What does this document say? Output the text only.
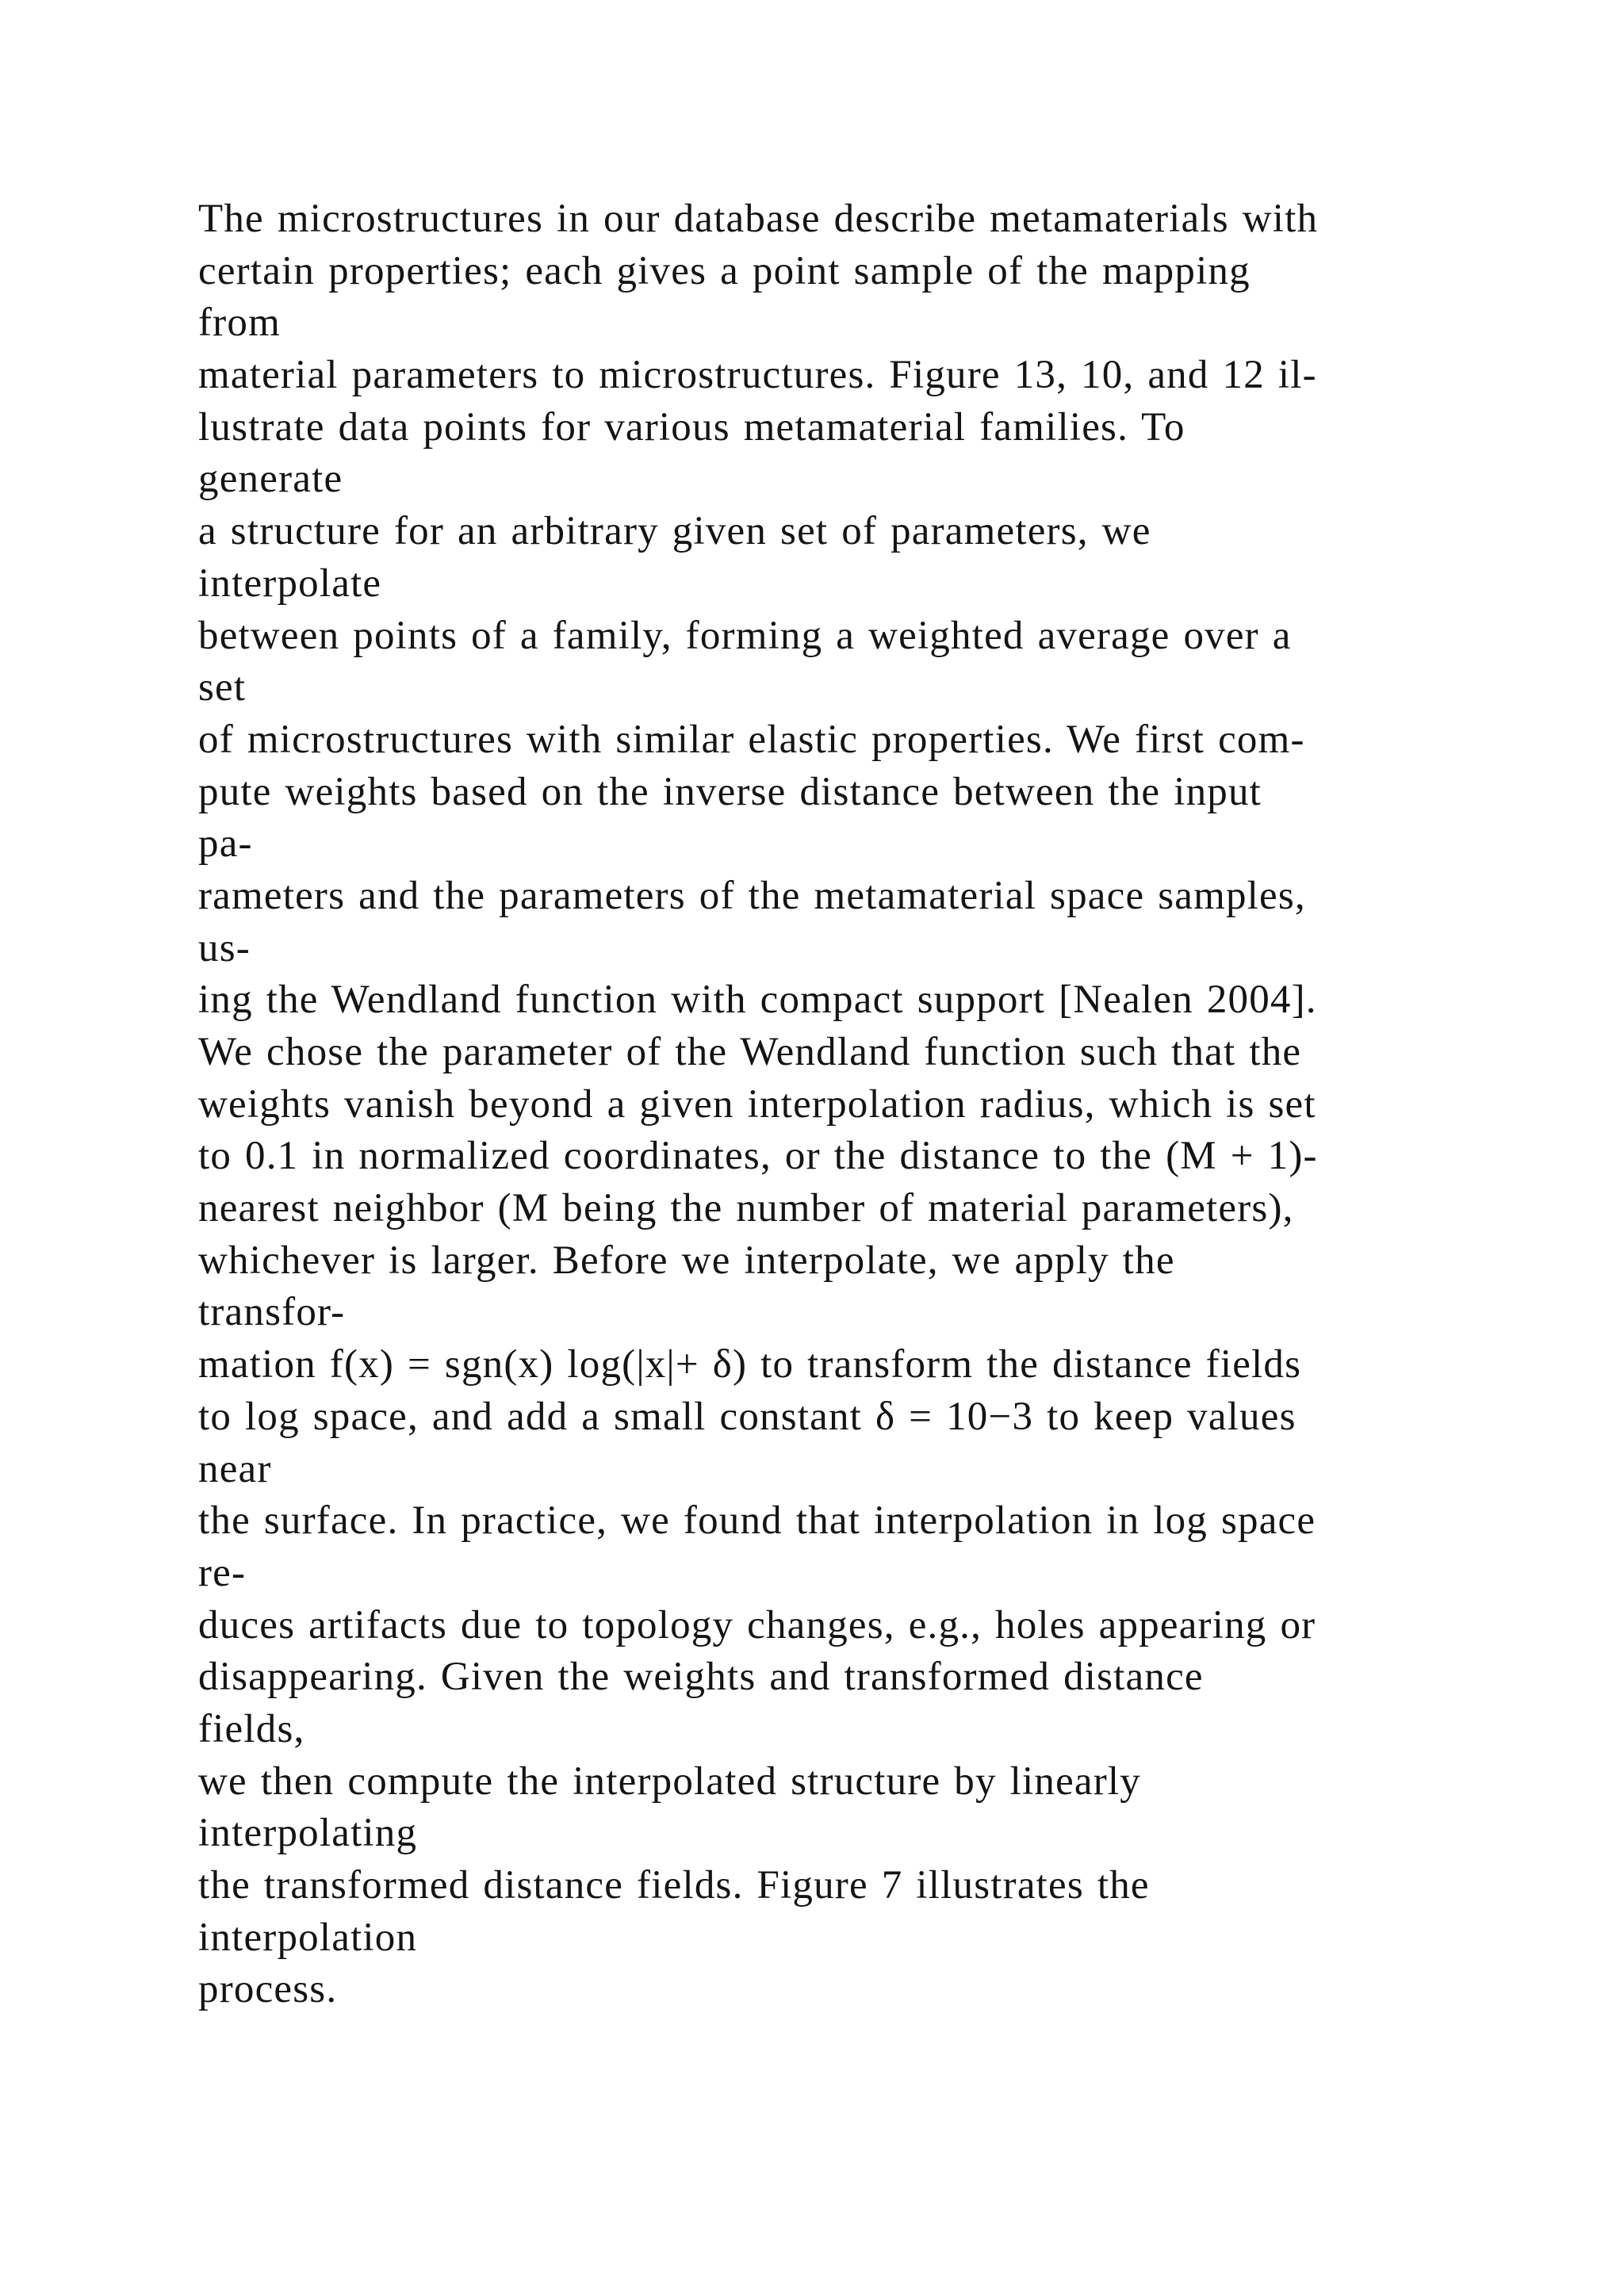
The microstructures in our database describe metamaterials with
certain properties; each gives a point sample of the mapping
from
material parameters to microstructures. Figure 13, 10, and 12 il-
lustrate data points for various metamaterial families. To
generate
a structure for an arbitrary given set of parameters, we
interpolate
between points of a family, forming a weighted average over a
set
of microstructures with similar elastic properties. We first com-
pute weights based on the inverse distance between the input
pa-
rameters and the parameters of the metamaterial space samples,
us-
ing the Wendland function with compact support [Nealen 2004].
We chose the parameter of the Wendland function such that the
weights vanish beyond a given interpolation radius, which is set
to 0.1 in normalized coordinates, or the distance to the (M + 1)-
nearest neighbor (M being the number of material parameters),
whichever is larger. Before we interpolate, we apply the
transfor-
mation f(x) = sgn(x) log(|x|+ δ) to transform the distance fields
to log space, and add a small constant δ = 10−3 to keep values
near
the surface. In practice, we found that interpolation in log space
re-
duces artifacts due to topology changes, e.g., holes appearing or
disappearing. Given the weights and transformed distance
fields,
we then compute the interpolated structure by linearly
interpolating
the transformed distance fields. Figure 7 illustrates the
interpolation
process.
